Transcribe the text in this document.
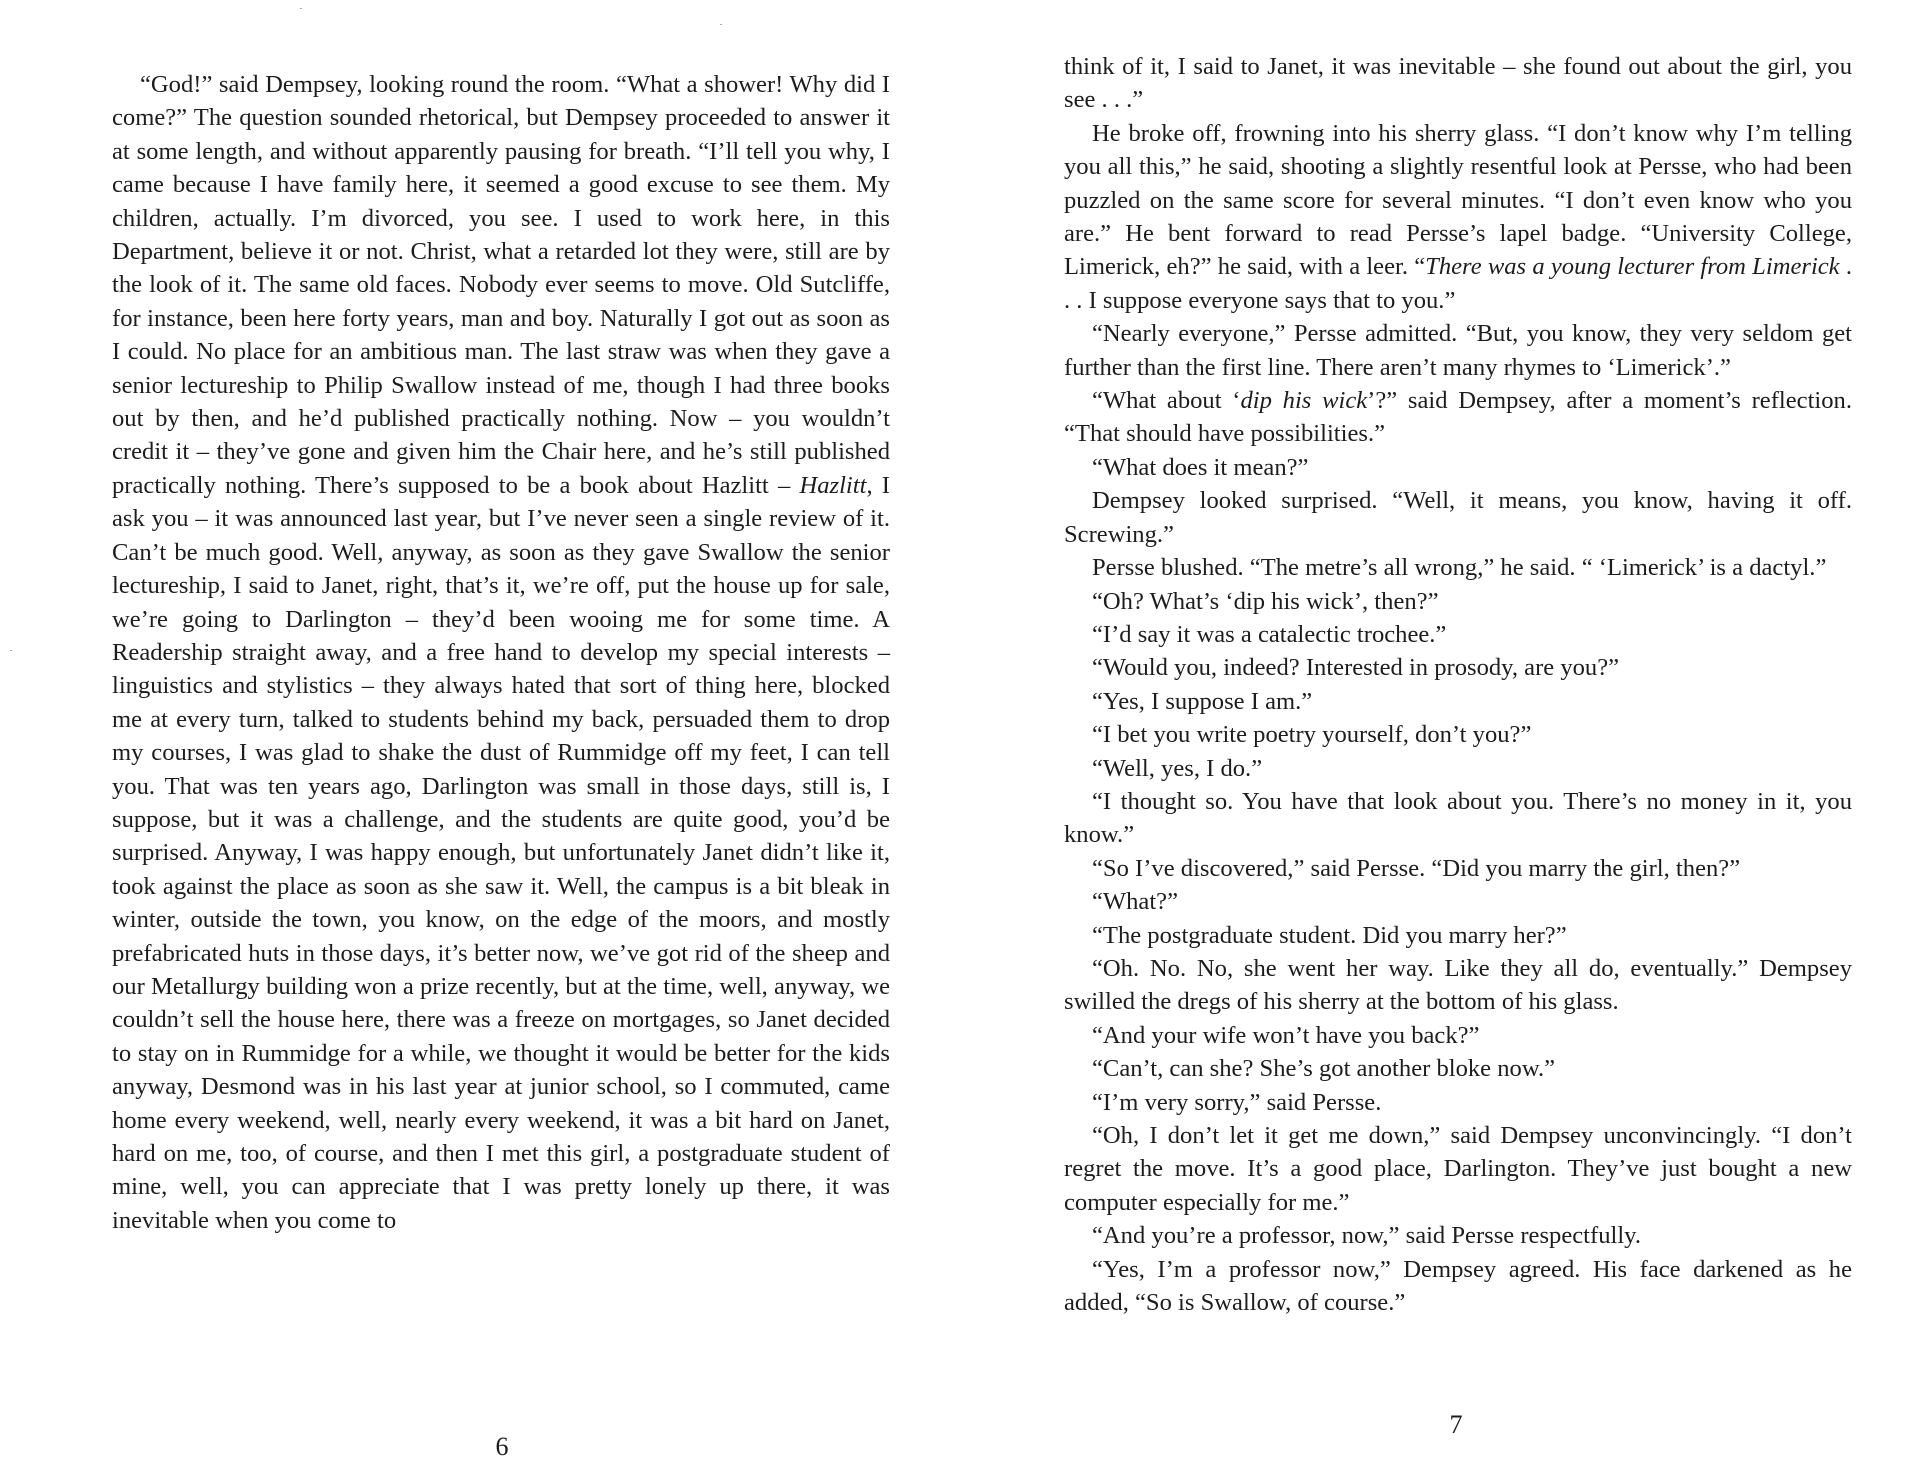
“God!” said Dempsey, looking round the room. “What a shower! Why did I come?” The question sounded rhetorical, but Dempsey proceeded to answer it at some length, and without apparently pausing for breath. “I’ll tell you why, I came because I have family here, it seemed a good excuse to see them. My children, actually. I’m divorced, you see. I used to work here, in this Department, believe it or not. Christ, what a retarded lot they were, still are by the look of it. The same old faces. Nobody ever seems to move. Old Sutcliffe, for instance, been here forty years, man and boy. Naturally I got out as soon as I could. No place for an ambitious man. The last straw was when they gave a senior lectureship to Philip Swallow instead of me, though I had three books out by then, and he’d published practically nothing. Now – you wouldn’t credit it – they’ve gone and given him the Chair here, and he’s still published practically nothing. There’s supposed to be a book about Hazlitt – Hazlitt, I ask you – it was announced last year, but I’ve never seen a single review of it. Can’t be much good. Well, anyway, as soon as they gave Swallow the senior lectureship, I said to Janet, right, that’s it, we’re off, put the house up for sale, we’re going to Darlington – they’d been wooing me for some time. A Readership straight away, and a free hand to develop my special interests – linguistics and stylistics – they always hated that sort of thing here, blocked me at every turn, talked to students behind my back, persuaded them to drop my courses, I was glad to shake the dust of Rummidge off my feet, I can tell you. That was ten years ago, Darlington was small in those days, still is, I suppose, but it was a challenge, and the students are quite good, you’d be surprised. Anyway, I was happy enough, but unfortunately Janet didn’t like it, took against the place as soon as she saw it. Well, the campus is a bit bleak in winter, outside the town, you know, on the edge of the moors, and mostly prefabricated huts in those days, it’s better now, we’ve got rid of the sheep and our Metallurgy building won a prize recently, but at the time, well, anyway, we couldn’t sell the house here, there was a freeze on mortgages, so Janet decided to stay on in Rummidge for a while, we thought it would be better for the kids anyway, Desmond was in his last year at junior school, so I commuted, came home every weekend, well, nearly every weekend, it was a bit hard on Janet, hard on me, too, of course, and then I met this girl, a postgraduate student of mine, well, you can appreciate that I was pretty lonely up there, it was inevitable when you come to

6

think of it, I said to Janet, it was inevitable – she found out about the girl, you see . . .”

He broke off, frowning into his sherry glass. “I don’t know why I’m telling you all this,” he said, shooting a slightly resentful look at Persse, who had been puzzled on the same score for several minutes. “I don’t even know who you are.” He bent forward to read Persse’s lapel badge. “University College, Limerick, eh?” he said, with a leer. “There was a young lecturer from Limerick . . . I suppose everyone says that to you.”

“Nearly everyone,” Persse admitted. “But, you know, they very seldom get further than the first line. There aren’t many rhymes to ‘Limerick’.”

“What about ‘dip his wick’?” said Dempsey, after a moment’s reflection. “That should have possibilities.”

“What does it mean?”

Dempsey looked surprised. “Well, it means, you know, having it off. Screwing.”

Persse blushed. “The metre’s all wrong,” he said. “ ‘Limerick’ is a dactyl.”

“Oh? What’s ‘dip his wick’, then?”

“I’d say it was a catalectic trochee.”

“Would you, indeed? Interested in prosody, are you?”

“Yes, I suppose I am.”

“I bet you write poetry yourself, don’t you?”

“Well, yes, I do.”

“I thought so. You have that look about you. There’s no money in it, you know.”

“So I’ve discovered,” said Persse. “Did you marry the girl, then?”

“What?”

“The postgraduate student. Did you marry her?”

“Oh. No. No, she went her way. Like they all do, eventually.” Dempsey swilled the dregs of his sherry at the bottom of his glass.

“And your wife won’t have you back?”

“Can’t, can she? She’s got another bloke now.”

“I’m very sorry,” said Persse.

“Oh, I don’t let it get me down,” said Dempsey unconvincingly. “I don’t regret the move. It’s a good place, Darlington. They’ve just bought a new computer especially for me.”

“And you’re a professor, now,” said Persse respectfully.

“Yes, I’m a professor now,” Dempsey agreed. His face darkened as he added, “So is Swallow, of course.”

7
